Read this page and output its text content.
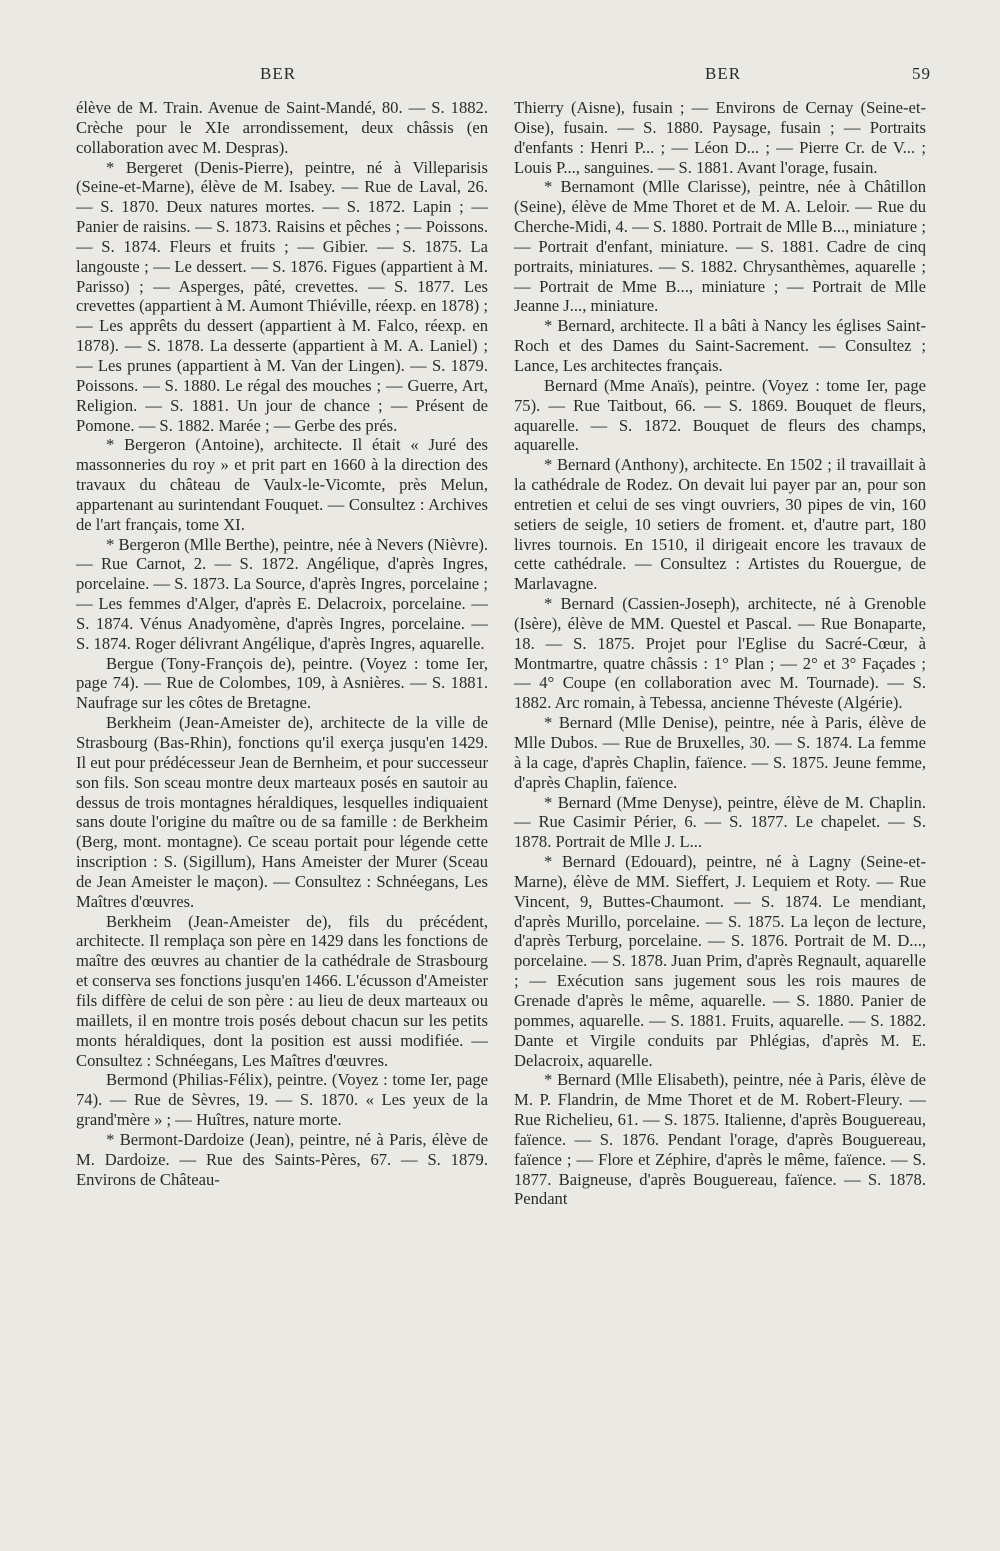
BER	BER	59

élève de M. Train. Avenue de Saint-Mandé, 80. — S. 1882. Crèche pour le XIe arrondissement, deux châssis (en collaboration avec M. Despras).

* Bergeret (Denis-Pierre), peintre, né à Villeparisis (Seine-et-Marne), élève de M. Isabey. — Rue de Laval, 26. — S. 1870. Deux natures mortes. — S. 1872. Lapin ; — Panier de raisins. — S. 1873. Raisins et pêches ; — Poissons. — S. 1874. Fleurs et fruits ; — Gibier. — S. 1875. La langouste ; — Le dessert. — S. 1876. Figues (appartient à M. Parisso) ; — Asperges, pâté, crevettes. — S. 1877. Les crevettes (appartient à M. Aumont Thiéville, réexp. en 1878) ; — Les apprêts du dessert (appartient à M. Falco, réexp. en 1878). — S. 1878. La desserte (appartient à M. A. Laniel) ; — Les prunes (appartient à M. Van der Lingen). — S. 1879. Poissons. — S. 1880. Le régal des mouches ; — Guerre, Art, Religion. — S. 1881. Un jour de chance ; — Présent de Pomone. — S. 1882. Marée ; — Gerbe des prés.

* Bergeron (Antoine), architecte. Il était « Juré des massonneries du roy » et prit part en 1660 à la direction des travaux du château de Vaulx-le-Vicomte, près Melun, appartenant au surintendant Fouquet. — Consultez : Archives de l'art français, tome XI.

* Bergeron (Mlle Berthe), peintre, née à Nevers (Nièvre). — Rue Carnot, 2. — S. 1872. Angélique, d'après Ingres, porcelaine. — S. 1873. La Source, d'après Ingres, porcelaine ; — Les femmes d'Alger, d'après E. Delacroix, porcelaine. — S. 1874. Vénus Anadyomène, d'après Ingres, porcelaine. — S. 1874. Roger délivrant Angélique, d'après Ingres, aquarelle.

Bergue (Tony-François de), peintre. (Voyez : tome Ier, page 74). — Rue de Colombes, 109, à Asnières. — S. 1881. Naufrage sur les côtes de Bretagne.

Berkheim (Jean-Ameister de), architecte de la ville de Strasbourg (Bas-Rhin), fonctions qu'il exerça jusqu'en 1429. Il eut pour prédécesseur Jean de Bernheim, et pour successeur son fils. Son sceau montre deux marteaux posés en sautoir au dessus de trois montagnes héraldiques, lesquelles indiquaient sans doute l'origine du maître ou de sa famille : de Berkheim (Berg, mont. montagne). Ce sceau portait pour légende cette inscription : S. (Sigillum), Hans Ameister der Murer (Sceau de Jean Ameister le maçon). — Consultez : Schnéegans, Les Maîtres d'œuvres.

Berkheim (Jean-Ameister de), fils du précédent, architecte. Il remplaça son père en 1429 dans les fonctions de maître des œuvres au chantier de la cathédrale de Strasbourg et conserva ses fonctions jusqu'en 1466. L'écusson d'Ameister fils diffère de celui de son père : au lieu de deux marteaux ou maillets, il en montre trois posés debout chacun sur les petits monts héraldiques, dont la position est aussi modifiée. — Consultez : Schnéegans, Les Maîtres d'œuvres.

Bermond (Philias-Félix), peintre. (Voyez : tome Ier, page 74). — Rue de Sèvres, 19. — S. 1870. « Les yeux de la grand'mère » ; — Huîtres, nature morte.

* Bermont-Dardoize (Jean), peintre, né à Paris, élève de M. Dardoize. — Rue des Saints-Pères, 67. — S. 1879. Environs de Château-

Thierry (Aisne), fusain ; — Environs de Cernay (Seine-et-Oise), fusain. — S. 1880. Paysage, fusain ; — Portraits d'enfants : Henri P... ; — Léon D... ; — Pierre Cr. de V... ; Louis P..., sanguines. — S. 1881. Avant l'orage, fusain.

* Bernamont (Mlle Clarisse), peintre, née à Châtillon (Seine), élève de Mme Thoret et de M. A. Leloir. — Rue du Cherche-Midi, 4. — S. 1880. Portrait de Mlle B..., miniature ; — Portrait d'enfant, miniature. — S. 1881. Cadre de cinq portraits, miniatures. — S. 1882. Chrysanthèmes, aquarelle ; — Portrait de Mme B..., miniature ; — Portrait de Mlle Jeanne J..., miniature.

* Bernard, architecte. Il a bâti à Nancy les églises Saint-Roch et des Dames du Saint-Sacrement. — Consultez ; Lance, Les architectes français.

Bernard (Mme Anaïs), peintre. (Voyez : tome Ier, page 75). — Rue Taitbout, 66. — S. 1869. Bouquet de fleurs, aquarelle. — S. 1872. Bouquet de fleurs des champs, aquarelle.

* Bernard (Anthony), architecte. En 1502 ; il travaillait à la cathédrale de Rodez. On devait lui payer par an, pour son entretien et celui de ses vingt ouvriers, 30 pipes de vin, 160 setiers de seigle, 10 setiers de froment. et, d'autre part, 180 livres tournois. En 1510, il dirigeait encore les travaux de cette cathédrale. — Consultez : Artistes du Rouergue, de Marlavagne.

* Bernard (Cassien-Joseph), architecte, né à Grenoble (Isère), élève de MM. Questel et Pascal. — Rue Bonaparte, 18. — S. 1875. Projet pour l'Eglise du Sacré-Cœur, à Montmartre, quatre châssis : 1° Plan ; — 2° et 3° Façades ; — 4° Coupe (en collaboration avec M. Tournade). — S. 1882. Arc romain, à Tebessa, ancienne Théveste (Algérie).

* Bernard (Mlle Denise), peintre, née à Paris, élève de Mlle Dubos. — Rue de Bruxelles, 30. — S. 1874. La femme à la cage, d'après Chaplin, faïence. — S. 1875. Jeune femme, d'après Chaplin, faïence.

* Bernard (Mme Denyse), peintre, élève de M. Chaplin. — Rue Casimir Périer, 6. — S. 1877. Le chapelet. — S. 1878. Portrait de Mlle J. L...

* Bernard (Edouard), peintre, né à Lagny (Seine-et-Marne), élève de MM. Sieffert, J. Lequiem et Roty. — Rue Vincent, 9, Buttes-Chaumont. — S. 1874. Le mendiant, d'après Murillo, porcelaine. — S. 1875. La leçon de lecture, d'après Terburg, porcelaine. — S. 1876. Portrait de M. D..., porcelaine. — S. 1878. Juan Prim, d'après Regnault, aquarelle ; — Exécution sans jugement sous les rois maures de Grenade d'après le même, aquarelle. — S. 1880. Panier de pommes, aquarelle. — S. 1881. Fruits, aquarelle. — S. 1882. Dante et Virgile conduits par Phlégias, d'après M. E. Delacroix, aquarelle.

* Bernard (Mlle Elisabeth), peintre, née à Paris, élève de M. P. Flandrin, de Mme Thoret et de M. Robert-Fleury. — Rue Richelieu, 61. — S. 1875. Italienne, d'après Bouguereau, faïence. — S. 1876. Pendant l'orage, d'après Bouguereau, faïence ; — Flore et Zéphire, d'après le même, faïence. — S. 1877. Baigneuse, d'après Bouguereau, faïence. — S. 1878. Pendant
